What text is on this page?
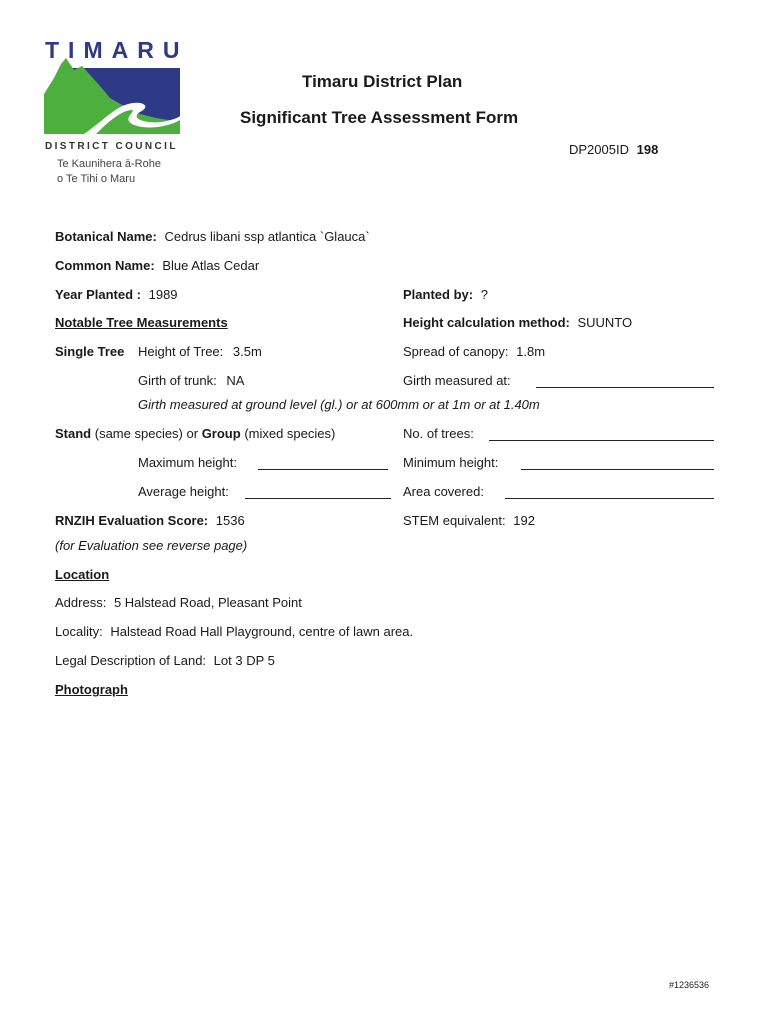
TIMARU
DISTRICT COUNCIL
Te Kaunihera ā-Rohe
o Te Tihi o Maru
Timaru District Plan
Significant Tree Assessment Form
DP2005ID 198
Botanical Name: Cedrus libani ssp atlantica `Glauca`
Common Name: Blue Atlas Cedar
Year Planted : 1989	Planted by: ?
Notable Tree Measurements	Height calculation method: SUUNTO
Single Tree Height of Tree: 3.5m	Spread of canopy: 1.8m
Girth of trunk: NA	Girth measured at:
Girth measured at ground level (gl.) or at 600mm or at 1m or at 1.40m
Stand (same species) or Group (mixed species)	No. of trees:
Maximum height:	Minimum height:
Average height:	Area covered:
RNZIH Evaluation Score: 1536	STEM equivalent: 192
(for Evaluation see reverse page)
Location
Address: 5 Halstead Road, Pleasant Point
Locality: Halstead Road Hall Playground, centre of lawn area.
Legal Description of Land: Lot 3 DP 5
Photograph
#1236536
